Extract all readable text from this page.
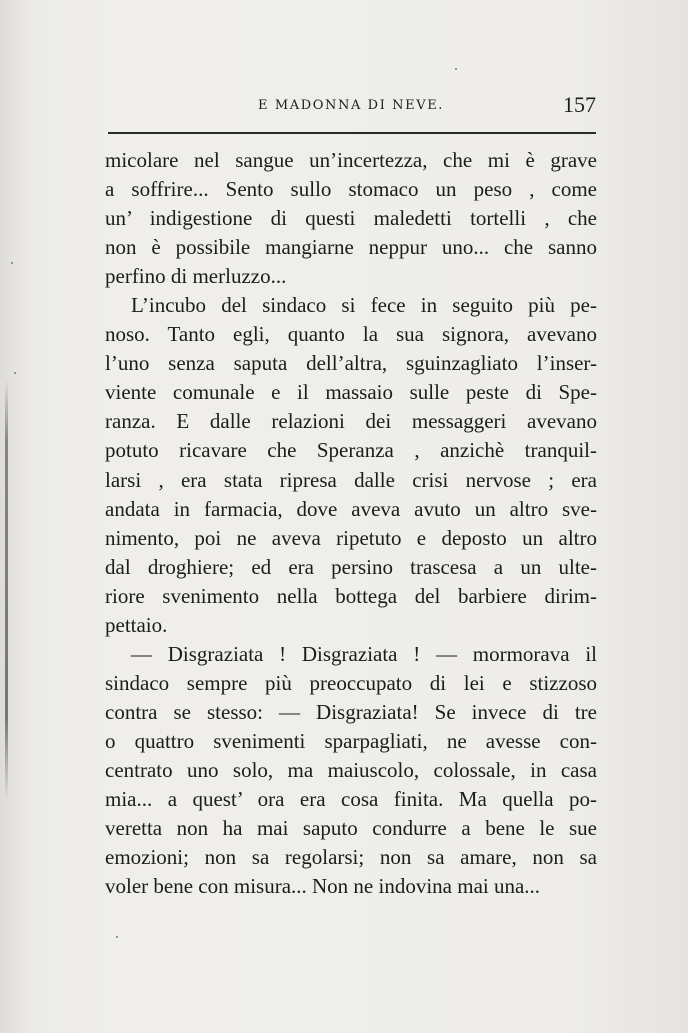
E MADONNA DI NEVE.	157
micolare nel sangue un’incertezza, che mi è grave
a soffrire... Sento sullo stomaco un peso , come
un’ indigestione di questi maledetti tortelli , che
non è possibile mangiarne neppur uno... che sanno
perfino di merluzzo...
L’incubo del sindaco si fece in seguito più pe-
noso. Tanto egli, quanto la sua signora, avevano
l’uno senza saputa dell’altra, sguinzagliato l’inser-
viente comunale e il massaio sulle peste di Spe-
ranza. E dalle relazioni dei messaggeri avevano
potuto ricavare che Speranza , anzichè tranquil-
larsi , era stata ripresa dalle crisi nervose ; era
andata in farmacia, dove aveva avuto un altro sve-
nimento, poi ne aveva ripetuto e deposto un altro
dal droghiere; ed era persino trascesa a un ulte-
riore svenimento nella bottega del barbiere dirim-
pettaio.
— Disgraziata ! Disgraziata ! — mormorava il
sindaco sempre più preoccupato di lei e stizzoso
contra se stesso: — Disgraziata! Se invece di tre
o quattro svenimenti sparpagliati, ne avesse con-
centrato uno solo, ma maiuscolo, colossale, in casa
mia... a quest’ ora era cosa finita. Ma quella po-
veretta non ha mai saputo condurre a bene le sue
emozioni; non sa regolarsi; non sa amare, non sa
voler bene con misura... Non ne indovina mai una...
